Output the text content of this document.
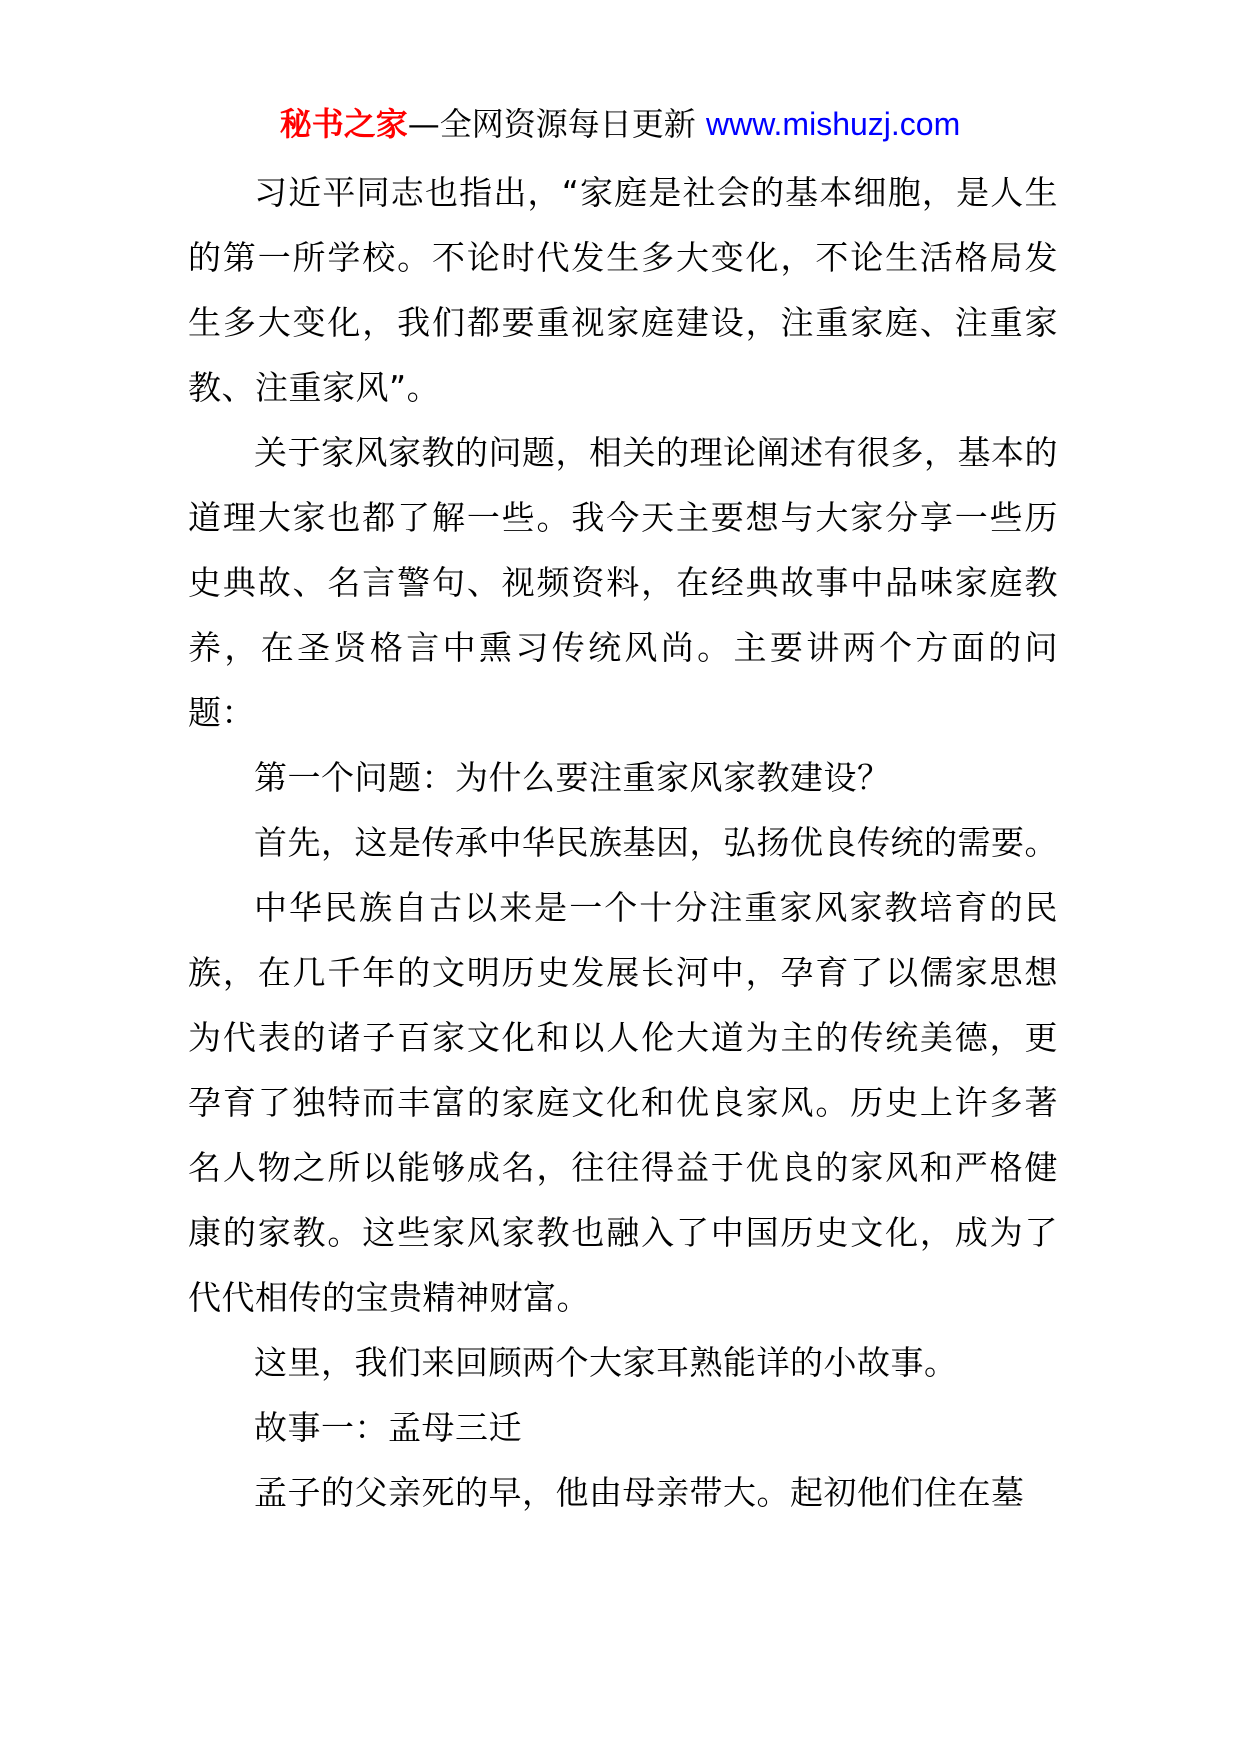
秘书之家—全网资源每日更新 www.mishuzj.com

习近平同志也指出，“家庭是社会的基本细胞，是人生的第一所学校。不论时代发生多大变化，不论生活格局发生多大变化，我们都要重视家庭建设，注重家庭、注重家教、注重家风”。

关于家风家教的问题，相关的理论阐述有很多，基本的道理大家也都了解一些。我今天主要想与大家分享一些历史典故、名言警句、视频资料，在经典故事中品味家庭教养，在圣贤格言中熏习传统风尚。主要讲两个方面的问题：

第一个问题：为什么要注重家风家教建设？

首先，这是传承中华民族基因，弘扬优良传统的需要。

中华民族自古以来是一个十分注重家风家教培育的民族，在几千年的文明历史发展长河中，孕育了以儒家思想为代表的诸子百家文化和以人伦大道为主的传统美德，更孕育了独特而丰富的家庭文化和优良家风。历史上许多著名人物之所以能够成名，往往得益于优良的家风和严格健康的家教。这些家风家教也融入了中国历史文化，成为了代代相传的宝贵精神财富。

这里，我们来回顾两个大家耳熟能详的小故事。

故事一：孟母三迁

孟子的父亲死的早，他由母亲带大。起初他们住在墓
